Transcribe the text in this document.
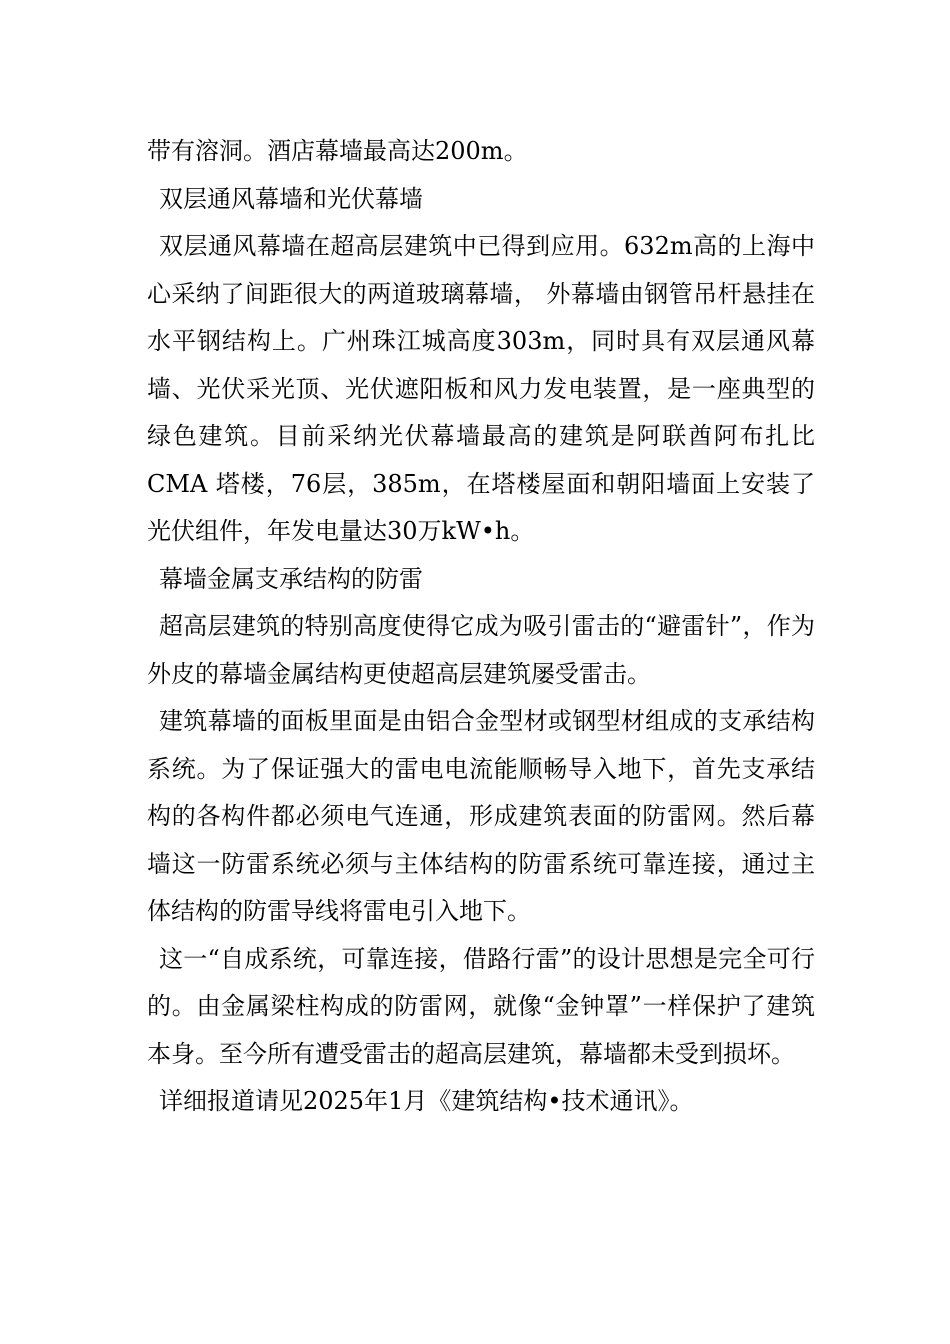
带有溶洞。酒店幕墙最高达200m。

双层通风幕墙和光伏幕墙

双层通风幕墙在超高层建筑中已得到应用。632m高的上海中心采纳了间距很大的两道玻璃幕墙， 外幕墙由钢管吊杆悬挂在水平钢结构上。广州珠江城高度303m，同时具有双层通风幕墙、光伏采光顶、光伏遮阳板和风力发电装置，是一座典型的绿色建筑。目前采纳光伏幕墙最高的建筑是阿联酋阿布扎比 CMA 塔楼，76层，385m，在塔楼屋面和朝阳墙面上安装了光伏组件，年发电量达30万kW•h。

幕墙金属支承结构的防雷

超高层建筑的特别高度使得它成为吸引雷击的“避雷针”，作为外皮的幕墙金属结构更使超高层建筑屡受雷击。

建筑幕墙的面板里面是由铝合金型材或钢型材组成的支承结构系统。为了保证强大的雷电电流能顺畅导入地下，首先支承结构的各构件都必须电气连通，形成建筑表面的防雷网。然后幕墙这一防雷系统必须与主体结构的防雷系统可靠连接，通过主体结构的防雷导线将雷电引入地下。

这一“自成系统，可靠连接，借路行雷”的设计思想是完全可行的。由金属梁柱构成的防雷网，就像“金钟罩”一样保护了建筑本身。至今所有遭受雷击的超高层建筑，幕墙都未受到损坏。

详细报道请见2025年1月《建筑结构•技术通讯》。
